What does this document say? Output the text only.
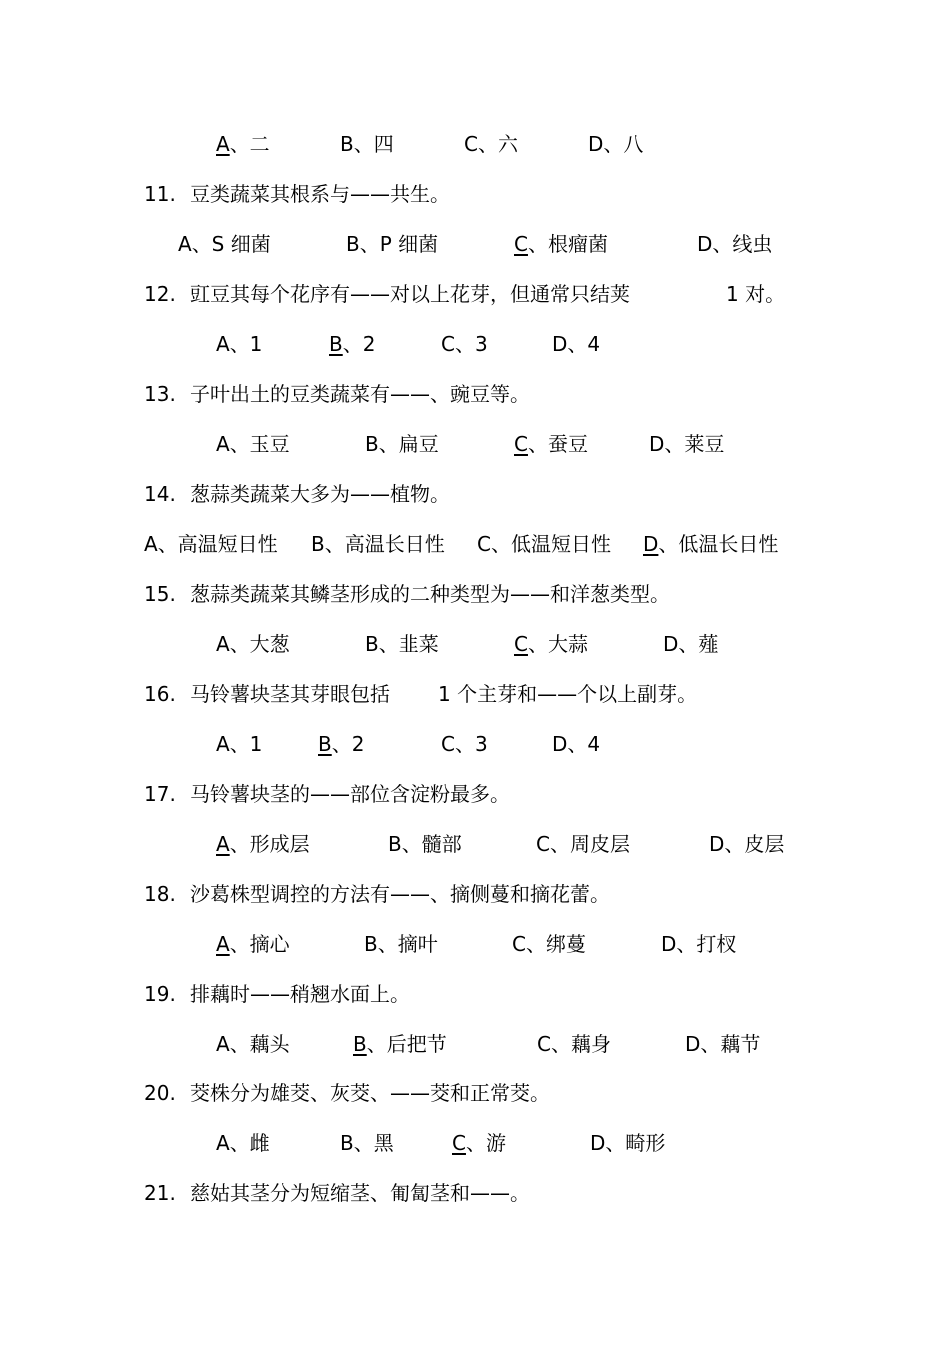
A、二	B、四	C、六	D、八
11. 豆类蔬菜其根系与——共生。
A、S 细菌	B、P 细菌	C、根瘤菌	D、线虫
12. 豇豆其每个花序有——对以上花芽，但通常只结荚	1 对。
A、1	B、2	C、3	D、4
13. 子叶出土的豆类蔬菜有——、豌豆等。
A、玉豆	B、扁豆	C、蚕豆	D、莱豆
14. 葱蒜类蔬菜大多为——植物。
A、高温短日性 B、高温长日性 C、低温短日性 D、低温长日性
15. 葱蒜类蔬菜其鳞茎形成的二种类型为——和洋葱类型。
A、大葱	B、韭菜	C、大蒜	D、薤
16. 马铃薯块茎其芽眼包括 1 个主芽和——个以上副芽。
A、1	B、2	C、3	D、4
17. 马铃薯块茎的——部位含淀粉最多。
A、形成层	B、髓部	C、周皮层	D、皮层
18. 沙葛株型调控的方法有——、摘侧蔓和摘花蕾。
A、摘心	B、摘叶	C、绑蔓	D、打杈
19. 排藕时——稍翘水面上。
A、藕头	B、后把节	C、藕身	D、藕节
20. 茭株分为雄茭、灰茭、——茭和正常茭。
A、雌	B、黑	C、游	D、畸形
21. 慈姑其茎分为短缩茎、匍匐茎和——。
